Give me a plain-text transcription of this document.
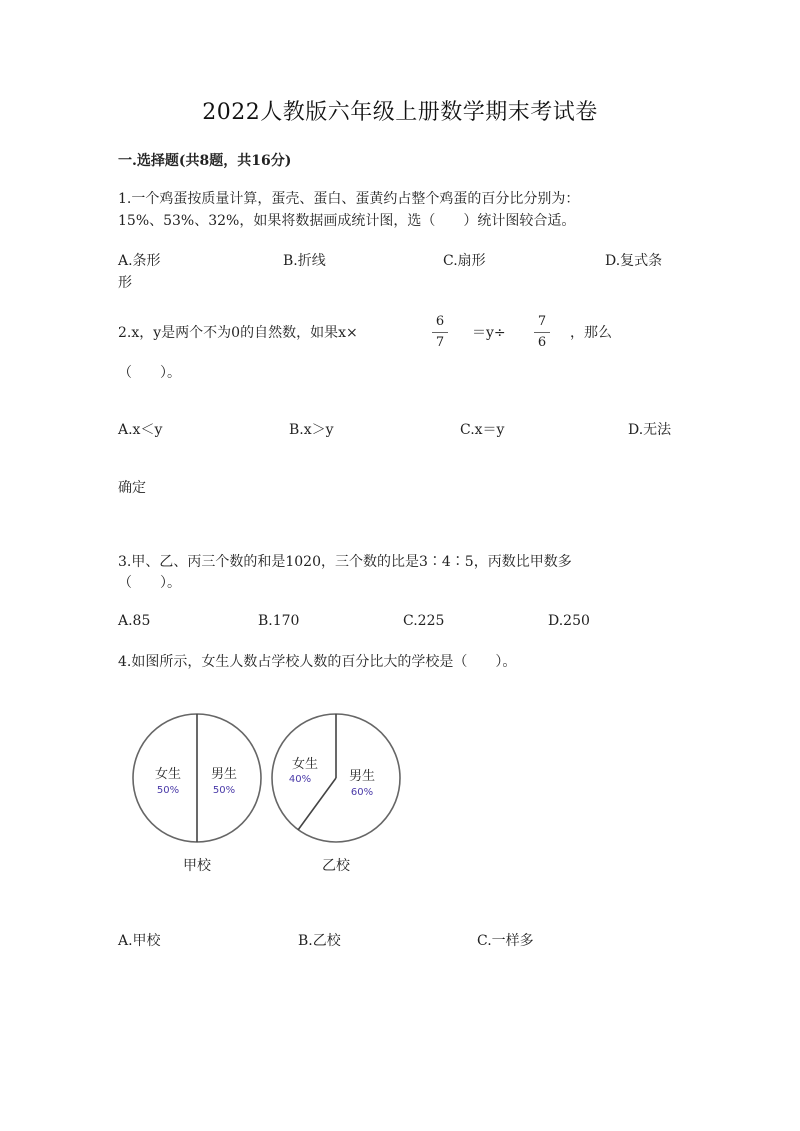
2022人教版六年级上册数学期末考试卷
一.选择题(共8题，共16分)
1.一个鸡蛋按质量计算，蛋壳、蛋白、蛋黄约占整个鸡蛋的百分比分别为：
15%、53%、32%，如果将数据画成统计图，选（　　）统计图较合适。
A.条形	B.折线	C.扇形	D.复式条
形
2.x，y是两个不为0的自然数，如果x×
6
7
＝y÷
7
6
，那么
（　　）。
A.x＜y	B.x＞y	C.x＝y	D.无法
确定
3.甲、乙、丙三个数的和是1020，三个数的比是3∶4∶5，丙数比甲数多
（　　）。
A.85	B.170	C.225	D.250
4.如图所示，女生人数占学校人数的百分比大的学校是（　　）。
女生
50%
男生
50%
甲校
女生
40%	男生
60%
乙校
A.甲校	B.乙校	C.一样多
